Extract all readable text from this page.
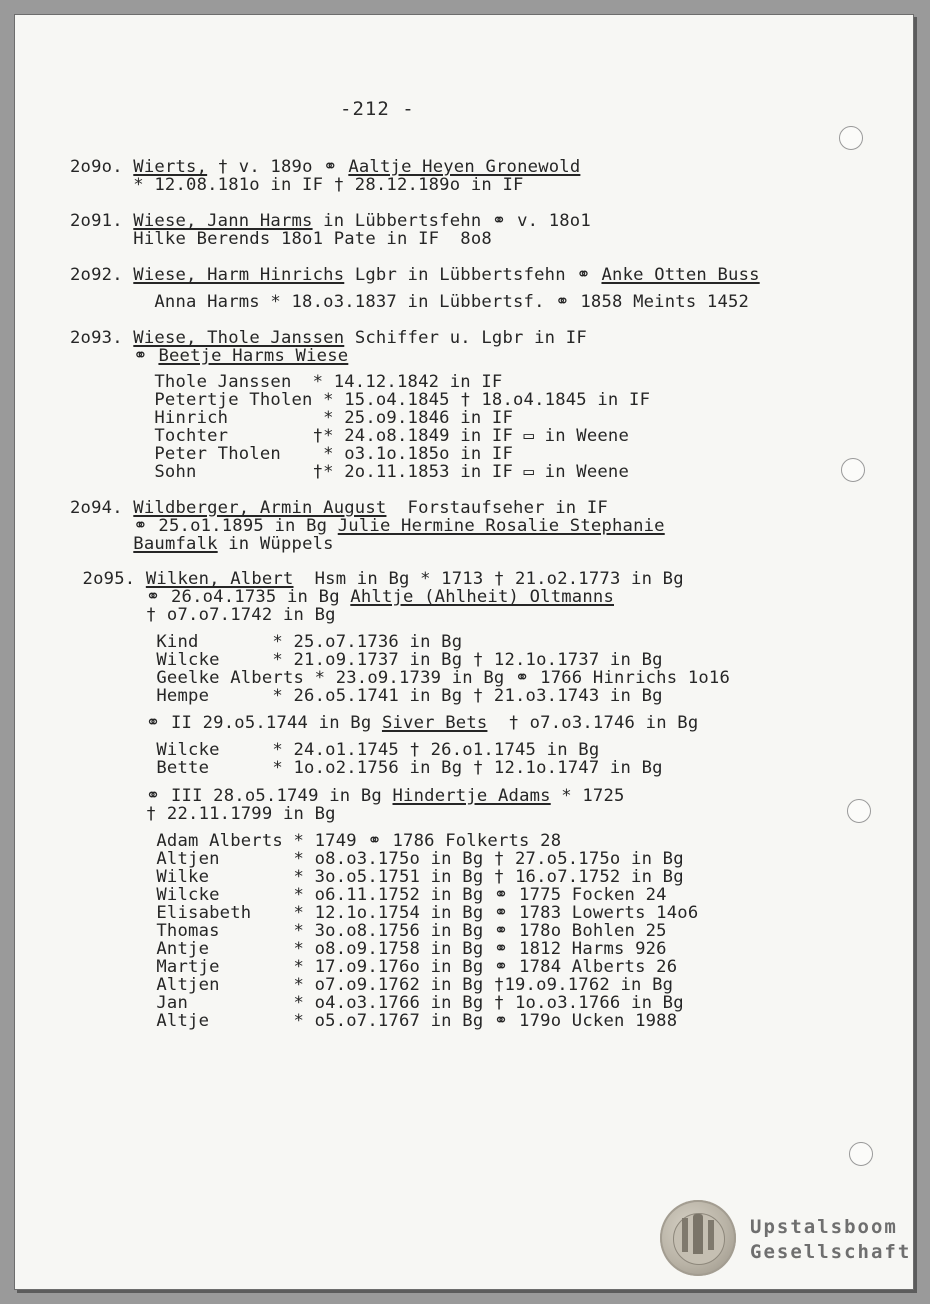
-212 -
2o9o. Wierts, † v. 189o ⚭ Aaltje Heyen Gronewold
* 12.08.181o in IF † 28.12.189o in IF
2o91. Wiese, Jann Harms in Lübbertsfehn ⚭ v. 18o1
Hilke Berends 18o1 Pate in IF  8o8
2o92. Wiese, Harm Hinrichs Lgbr in Lübbertsfehn ⚭ Anke Otten Buss
Anna Harms * 18.o3.1837 in Lübbertsf. ⚭ 1858 Meints 1452
2o93. Wiese, Thole Janssen Schiffer u. Lgbr in IF
⚭ Beetje Harms Wiese
Thole Janssen  * 14.12.1842 in IF
Petertje Tholen * 15.o4.1845 † 18.o4.1845 in IF
Hinrich         * 25.o9.1846 in IF
Tochter        †* 24.o8.1849 in IF ▭ in Weene
Peter Tholen    * o3.1o.185o in IF
Sohn           †* 2o.11.1853 in IF ▭ in Weene
2o94. Wildberger, Armin August  Forstaufseher in IF
⚭ 25.o1.1895 in Bg Julie Hermine Rosalie Stephanie
Baumfalk in Wüppels
2o95. Wilken, Albert  Hsm in Bg * 1713 † 21.o2.1773 in Bg
⚭ 26.o4.1735 in Bg Ahltje (Ahlheit) Oltmanns
† o7.o7.1742 in Bg
Kind       * 25.o7.1736 in Bg
Wilcke     * 21.o9.1737 in Bg † 12.1o.1737 in Bg
Geelke Alberts * 23.o9.1739 in Bg ⚭ 1766 Hinrichs 1o16
Hempe      * 26.o5.1741 in Bg † 21.o3.1743 in Bg
⚭ II 29.o5.1744 in Bg Siver Bets  † o7.o3.1746 in Bg
Wilcke     * 24.o1.1745 † 26.o1.1745 in Bg
Bette      * 1o.o2.1756 in Bg † 12.1o.1747 in Bg
⚭ III 28.o5.1749 in Bg Hindertje Adams * 1725
† 22.11.1799 in Bg
Adam Alberts * 1749 ⚭ 1786 Folkerts 28
Altjen       * o8.o3.175o in Bg † 27.o5.175o in Bg
Wilke        * 3o.o5.1751 in Bg † 16.o7.1752 in Bg
Wilcke       * o6.11.1752 in Bg ⚭ 1775 Focken 24
Elisabeth    * 12.1o.1754 in Bg ⚭ 1783 Lowerts 14o6
Thomas       * 3o.o8.1756 in Bg ⚭ 178o Bohlen 25
Antje        * o8.o9.1758 in Bg ⚭ 1812 Harms 926
Martje       * 17.o9.176o in Bg ⚭ 1784 Alberts 26
Altjen       * o7.o9.1762 in Bg †19.o9.1762 in Bg
Jan          * o4.o3.1766 in Bg † 1o.o3.1766 in Bg
Altje        * o5.o7.1767 in Bg ⚭ 179o Ucken 1988
Upstalsboom
Gesellschaft
